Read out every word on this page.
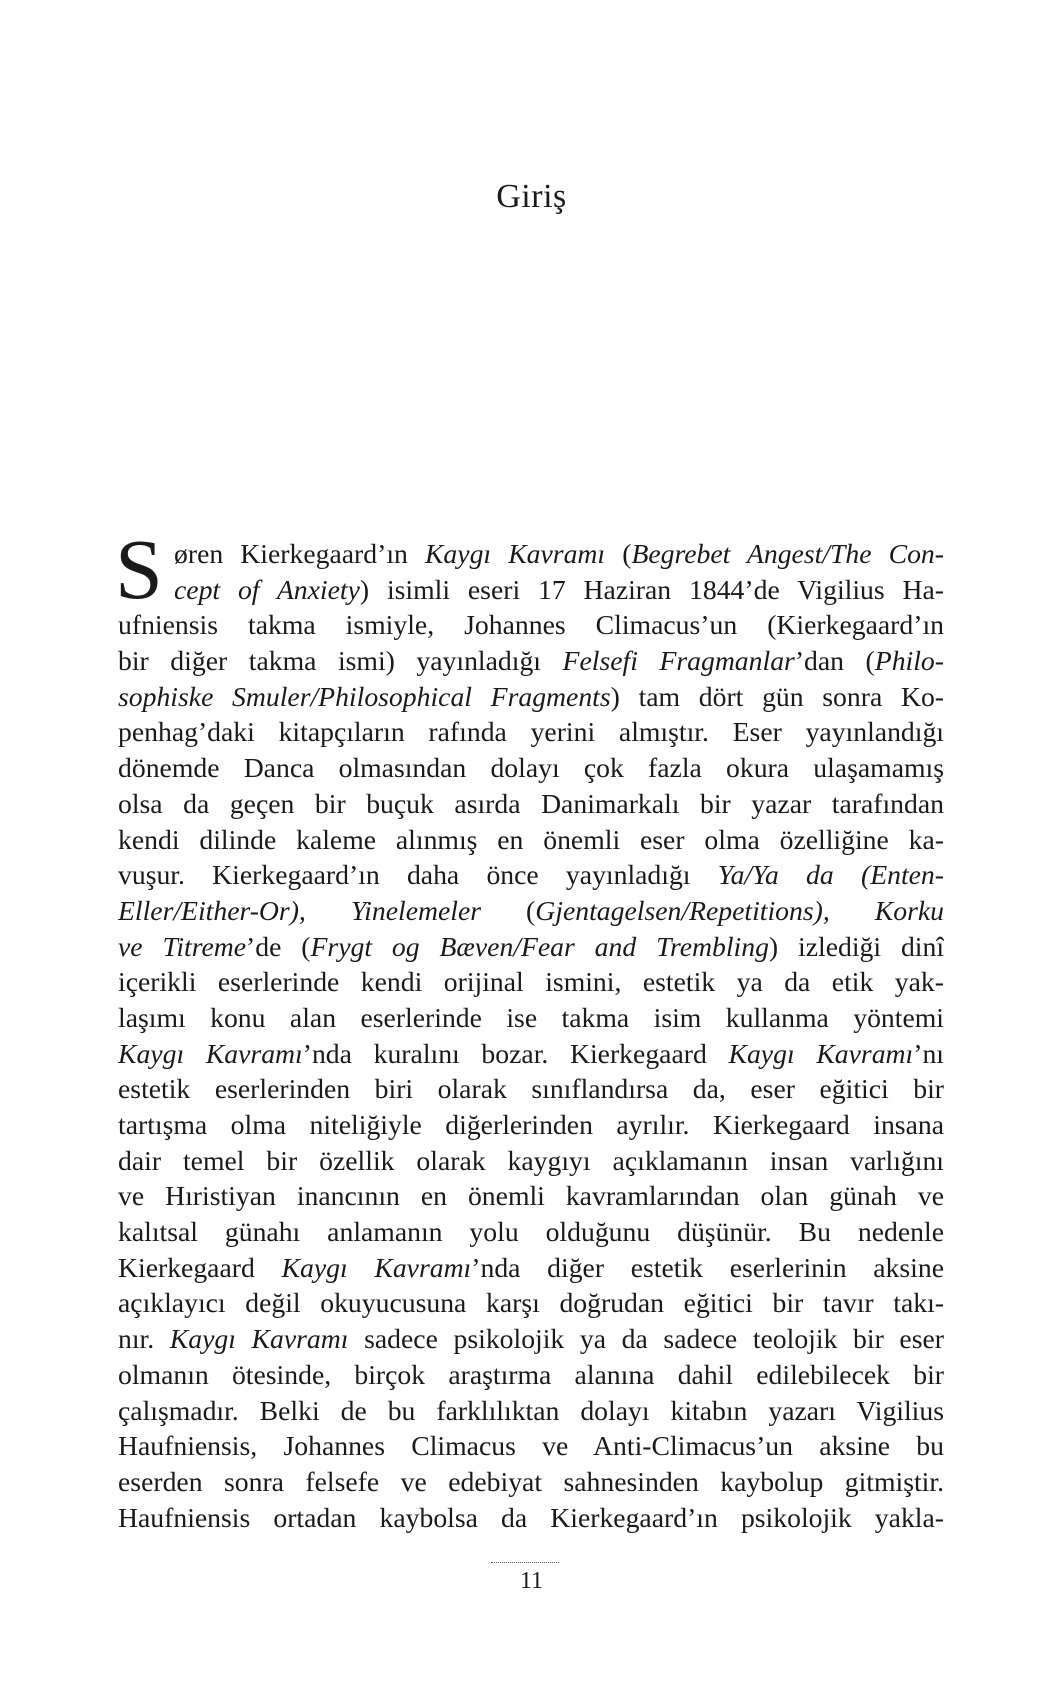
Giriş
S øren Kierkegaard’ın Kaygı Kavramı (Begrebet Angest/The Con-
cept of Anxiety) isimli eseri 17 Haziran 1844’de Vigilius Ha-
ufniensis takma ismiyle, Johannes Climacus’un (Kierkegaard’ın
bir diğer takma ismi) yayınladığı Felsefi Fragmanlar’dan (Philo-
sophiske Smuler/Philosophical Fragments) tam dört gün sonra Ko-
penhag’daki kitapçıların rafında yerini almıştır. Eser yayınlandığı
dönemde Danca olmasından dolayı çok fazla okura ulaşamamış
olsa da geçen bir buçuk asırda Danimarkalı bir yazar tarafından
kendi dilinde kaleme alınmış en önemli eser olma özelliğine ka-
vuşur. Kierkegaard’ın daha önce yayınladığı Ya/Ya da (Enten-
Eller/Either-Or), Yinelemeler (Gjentagelsen/Repetitions), Korku
ve Titreme’de (Frygt og Bæven/Fear and Trembling) izlediği dinî
içerikli eserlerinde kendi orijinal ismini, estetik ya da etik yak-
laşımı konu alan eserlerinde ise takma isim kullanma yöntemi
Kaygı Kavramı’nda kuralını bozar. Kierkegaard Kaygı Kavramı’nı
estetik eserlerinden biri olarak sınıflandırsa da, eser eğitici bir
tartışma olma niteliğiyle diğerlerinden ayrılır. Kierkegaard insana
dair temel bir özellik olarak kaygıyı açıklamanın insan varlığını
ve Hıristiyan inancının en önemli kavramlarından olan günah ve
kalıtsal günahı anlamanın yolu olduğunu düşünür. Bu nedenle
Kierkegaard Kaygı Kavramı’nda diğer estetik eserlerinin aksine
açıklayıcı değil okuyucusuna karşı doğrudan eğitici bir tavır takı-
nır. Kaygı Kavramı sadece psikolojik ya da sadece teolojik bir eser
olmanın ötesinde, birçok araştırma alanına dahil edilebilecek bir
çalışmadır. Belki de bu farklılıktan dolayı kitabın yazarı Vigilius
Haufniensis, Johannes Climacus ve Anti-Climacus’un aksine bu
eserden sonra felsefe ve edebiyat sahnesinden kaybolup gitmiştir.
Haufniensis ortadan kaybolsa da Kierkegaard’ın psikolojik yakla-
11
